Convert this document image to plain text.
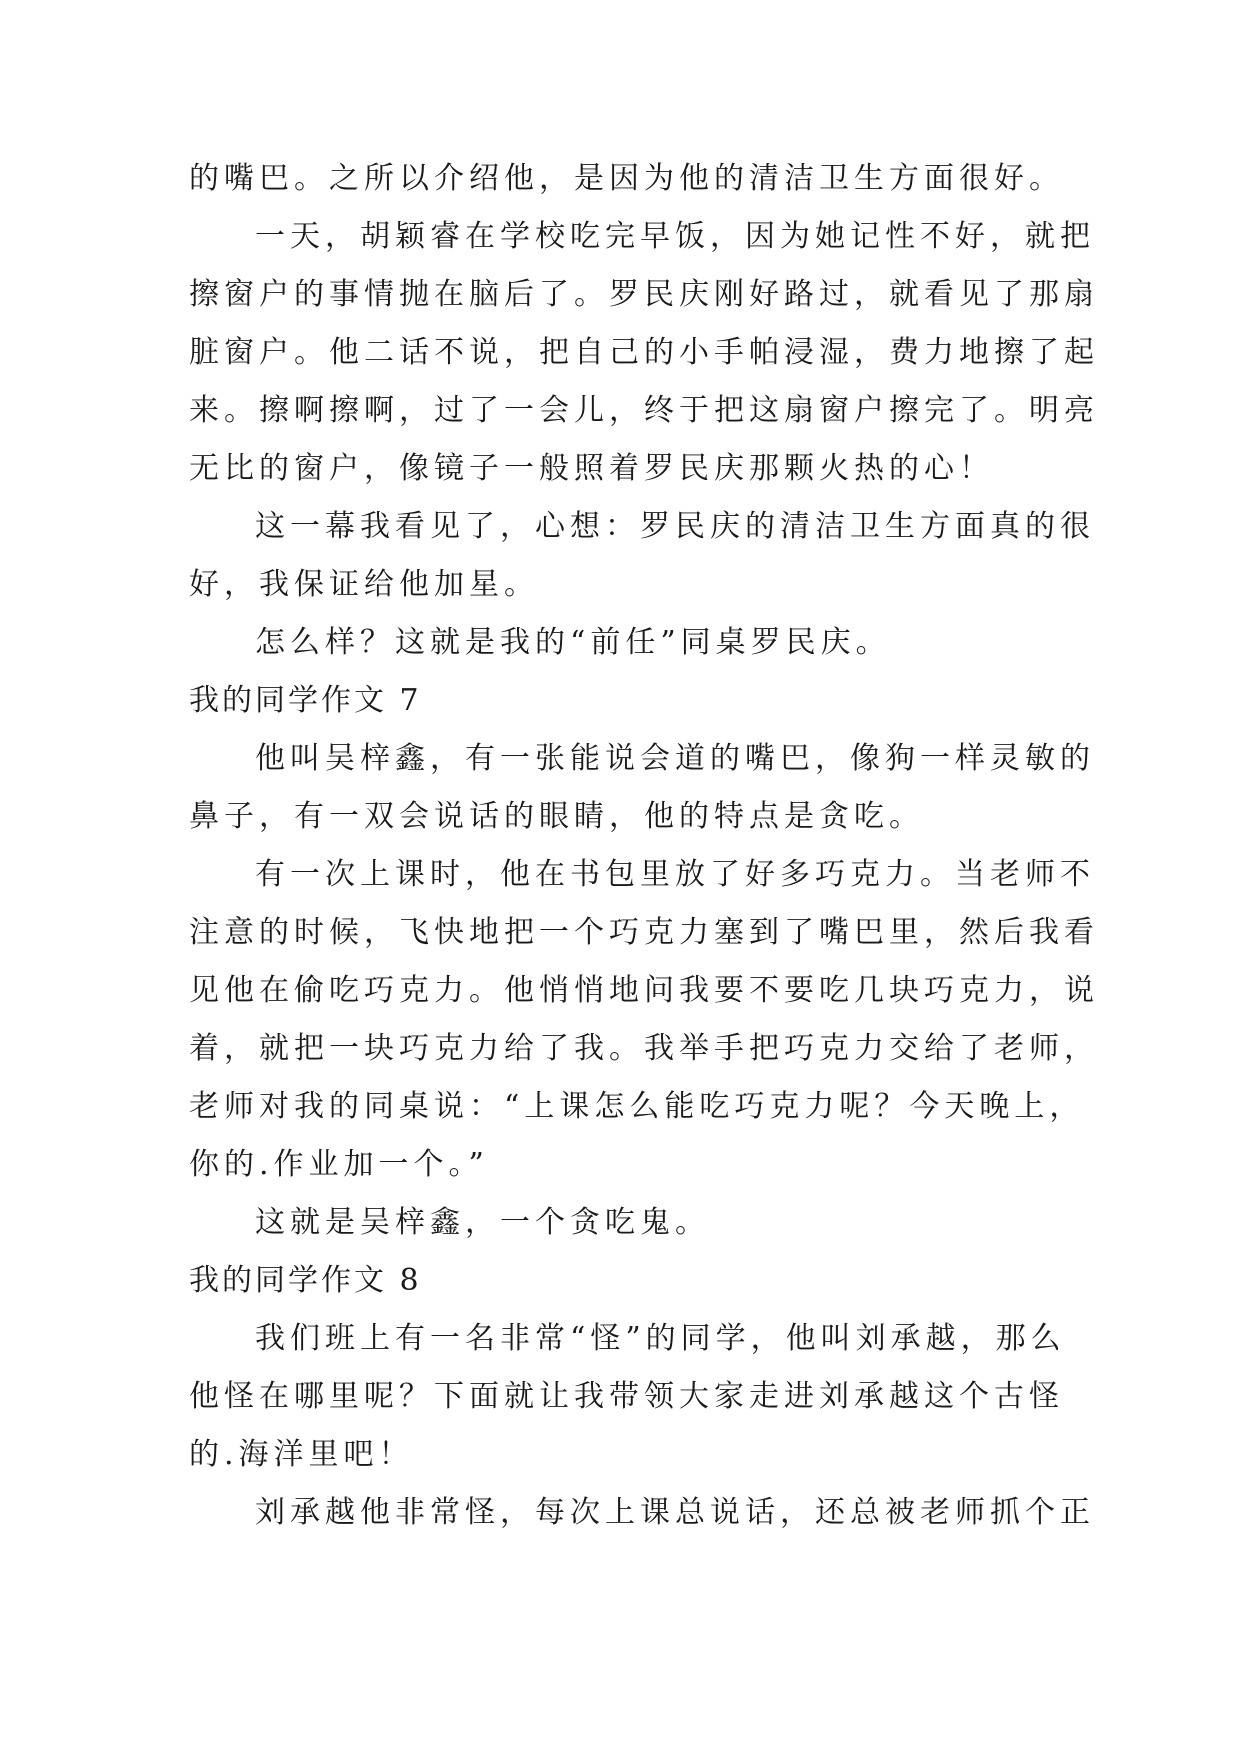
的嘴巴。之所以介绍他，是因为他的清洁卫生方面很好。
一天，胡颖睿在学校吃完早饭，因为她记性不好，就把
擦窗户的事情抛在脑后了。罗民庆刚好路过，就看见了那扇
脏窗户。他二话不说，把自己的小手帕浸湿，费力地擦了起
来。擦啊擦啊，过了一会儿，终于把这扇窗户擦完了。明亮
无比的窗户，像镜子一般照着罗民庆那颗火热的心！
这一幕我看见了，心想：罗民庆的清洁卫生方面真的很
好，我保证给他加星。
怎么样？这就是我的“前任”同桌罗民庆。
我的同学作文 7
他叫吴梓鑫，有一张能说会道的嘴巴，像狗一样灵敏的
鼻子，有一双会说话的眼睛，他的特点是贪吃。
有一次上课时，他在书包里放了好多巧克力。当老师不
注意的时候，飞快地把一个巧克力塞到了嘴巴里，然后我看
见他在偷吃巧克力。他悄悄地问我要不要吃几块巧克力，说
着，就把一块巧克力给了我。我举手把巧克力交给了老师，
老师对我的同桌说：“上课怎么能吃巧克力呢？今天晚上，
你的.作业加一个。”
这就是吴梓鑫，一个贪吃鬼。
我的同学作文 8
我们班上有一名非常“怪”的同学，他叫刘承越，那么
他怪在哪里呢？下面就让我带领大家走进刘承越这个古怪
的.海洋里吧！
刘承越他非常怪，每次上课总说话，还总被老师抓个正
